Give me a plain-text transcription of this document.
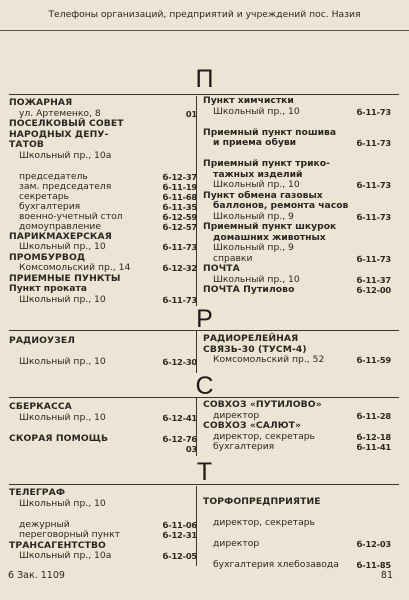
Телефоны организаций, предприятий и учреждений пос. Назия
П
ПОЖАРНАЯ
ул. Артеменко, 8	01
ПОСЕЛКОВЫЙ СОВЕТ
НАРОДНЫХ ДЕПУ-
ТАТОВ
Школьный пр., 10а
председатель	б-12-37
зам. председателя	б-11-19
секретарь	б-11-68
бухгалтерия	б-11-35
военно-учетный стол	б-12-59
домоуправление	б-12-57
ПАРИКМАХЕРСКАЯ
Школьный пр., 10	б-11-73
ПРОМБУРВОД
Комсомольский пр., 14	б-12-32
ПРИЕМНЫЕ ПУНКТЫ
Пункт проката
Школьный пр., 10	б-11-73
Пункт химчистки
Школьный пр., 10	б-11-73
Приемный пункт пошива
и приема обуви	б-11-73
Приемный пункт трико-
тажных изделий
Школьный пр., 10	б-11-73
Пункт обмена газовых
баллонов, ремонта часов
Школьный пр., 9	б-11-73
Приемный пункт шкурок
домашних животных
Школьный пр., 9
справки	б-11-73
ПОЧТА
Школьный пр., 10	б-11-37
ПОЧТА Путилово	б-12-00
Р
РАДИОУЗЕЛ
Школьный пр., 10	б-12-30
РАДИОРЕЛЕЙНАЯ
СВЯЗЬ-30 (ТУСМ-4)
Комсомольский пр., 52	б-11-59
С
СБЕРКАССА
Школьный пр., 10	б-12-41
СКОРАЯ ПОМОЩЬ	б-12-76
03
СОВХОЗ «ПУТИЛОВО»
директор	б-11-28
СОВХОЗ «САЛЮТ»
директор, секретарь	б-12-18
бухгалтерия	б-11-41
Т
ТЕЛЕГРАФ
Школьный пр., 10
дежурный	б-11-06
переговорный пункт	б-12-31
ТРАНСАГЕНТСТВО
Школьный пр., 10а	б-12-05
ТОРФОПРЕДПРИЯТИЕ
директор, секретарь
директор	б-12-03
бухгалтерия хлебозавода б-11-85
6 Зак. 1109	81
